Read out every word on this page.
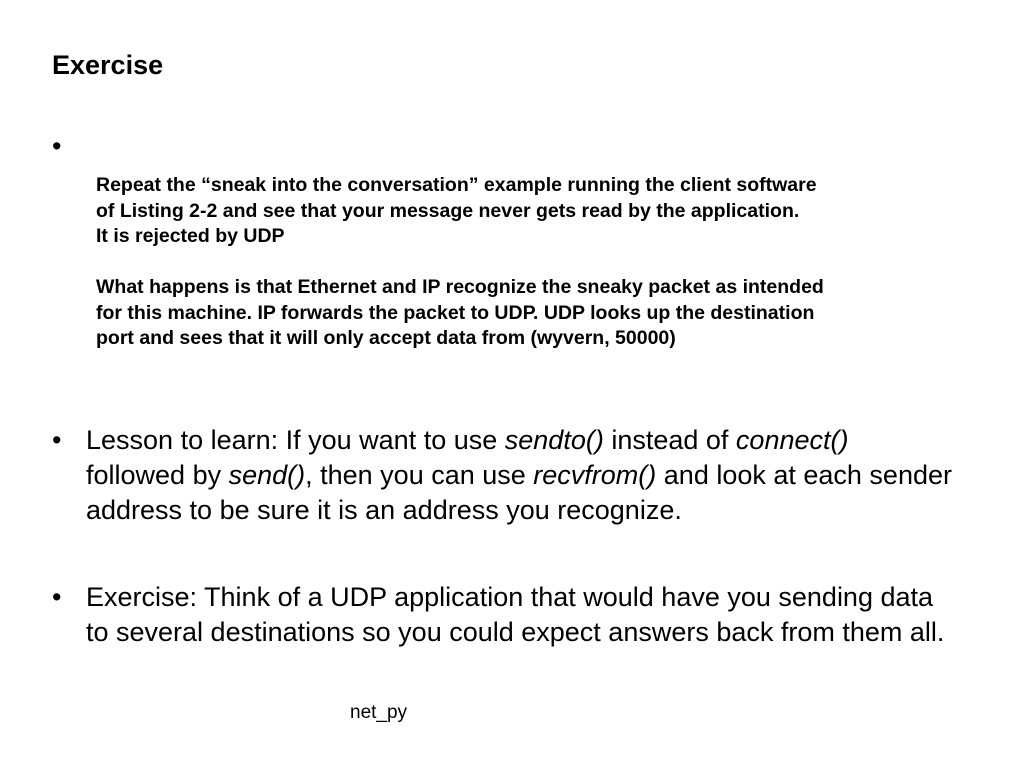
Exercise
•

Repeat the “sneak into the conversation” example running the client software

of Listing 2-2 and see that your message never gets read by the application.

It is rejected by UDP

What happens is that Ethernet and IP recognize the sneaky packet as intended

for this machine. IP forwards the packet to UDP. UDP looks up the destination

port and sees that it will only accept data from (wyvern, 50000)

• Lesson to learn: If you want to use sendto() instead of connect() followed by send(), then you can use recvfrom() and look at each sender address to be sure it is an address you recognize.
• Exercise: Think of a UDP application that would have you sending data to several destinations so you could expect answers back from them all.
net_py
